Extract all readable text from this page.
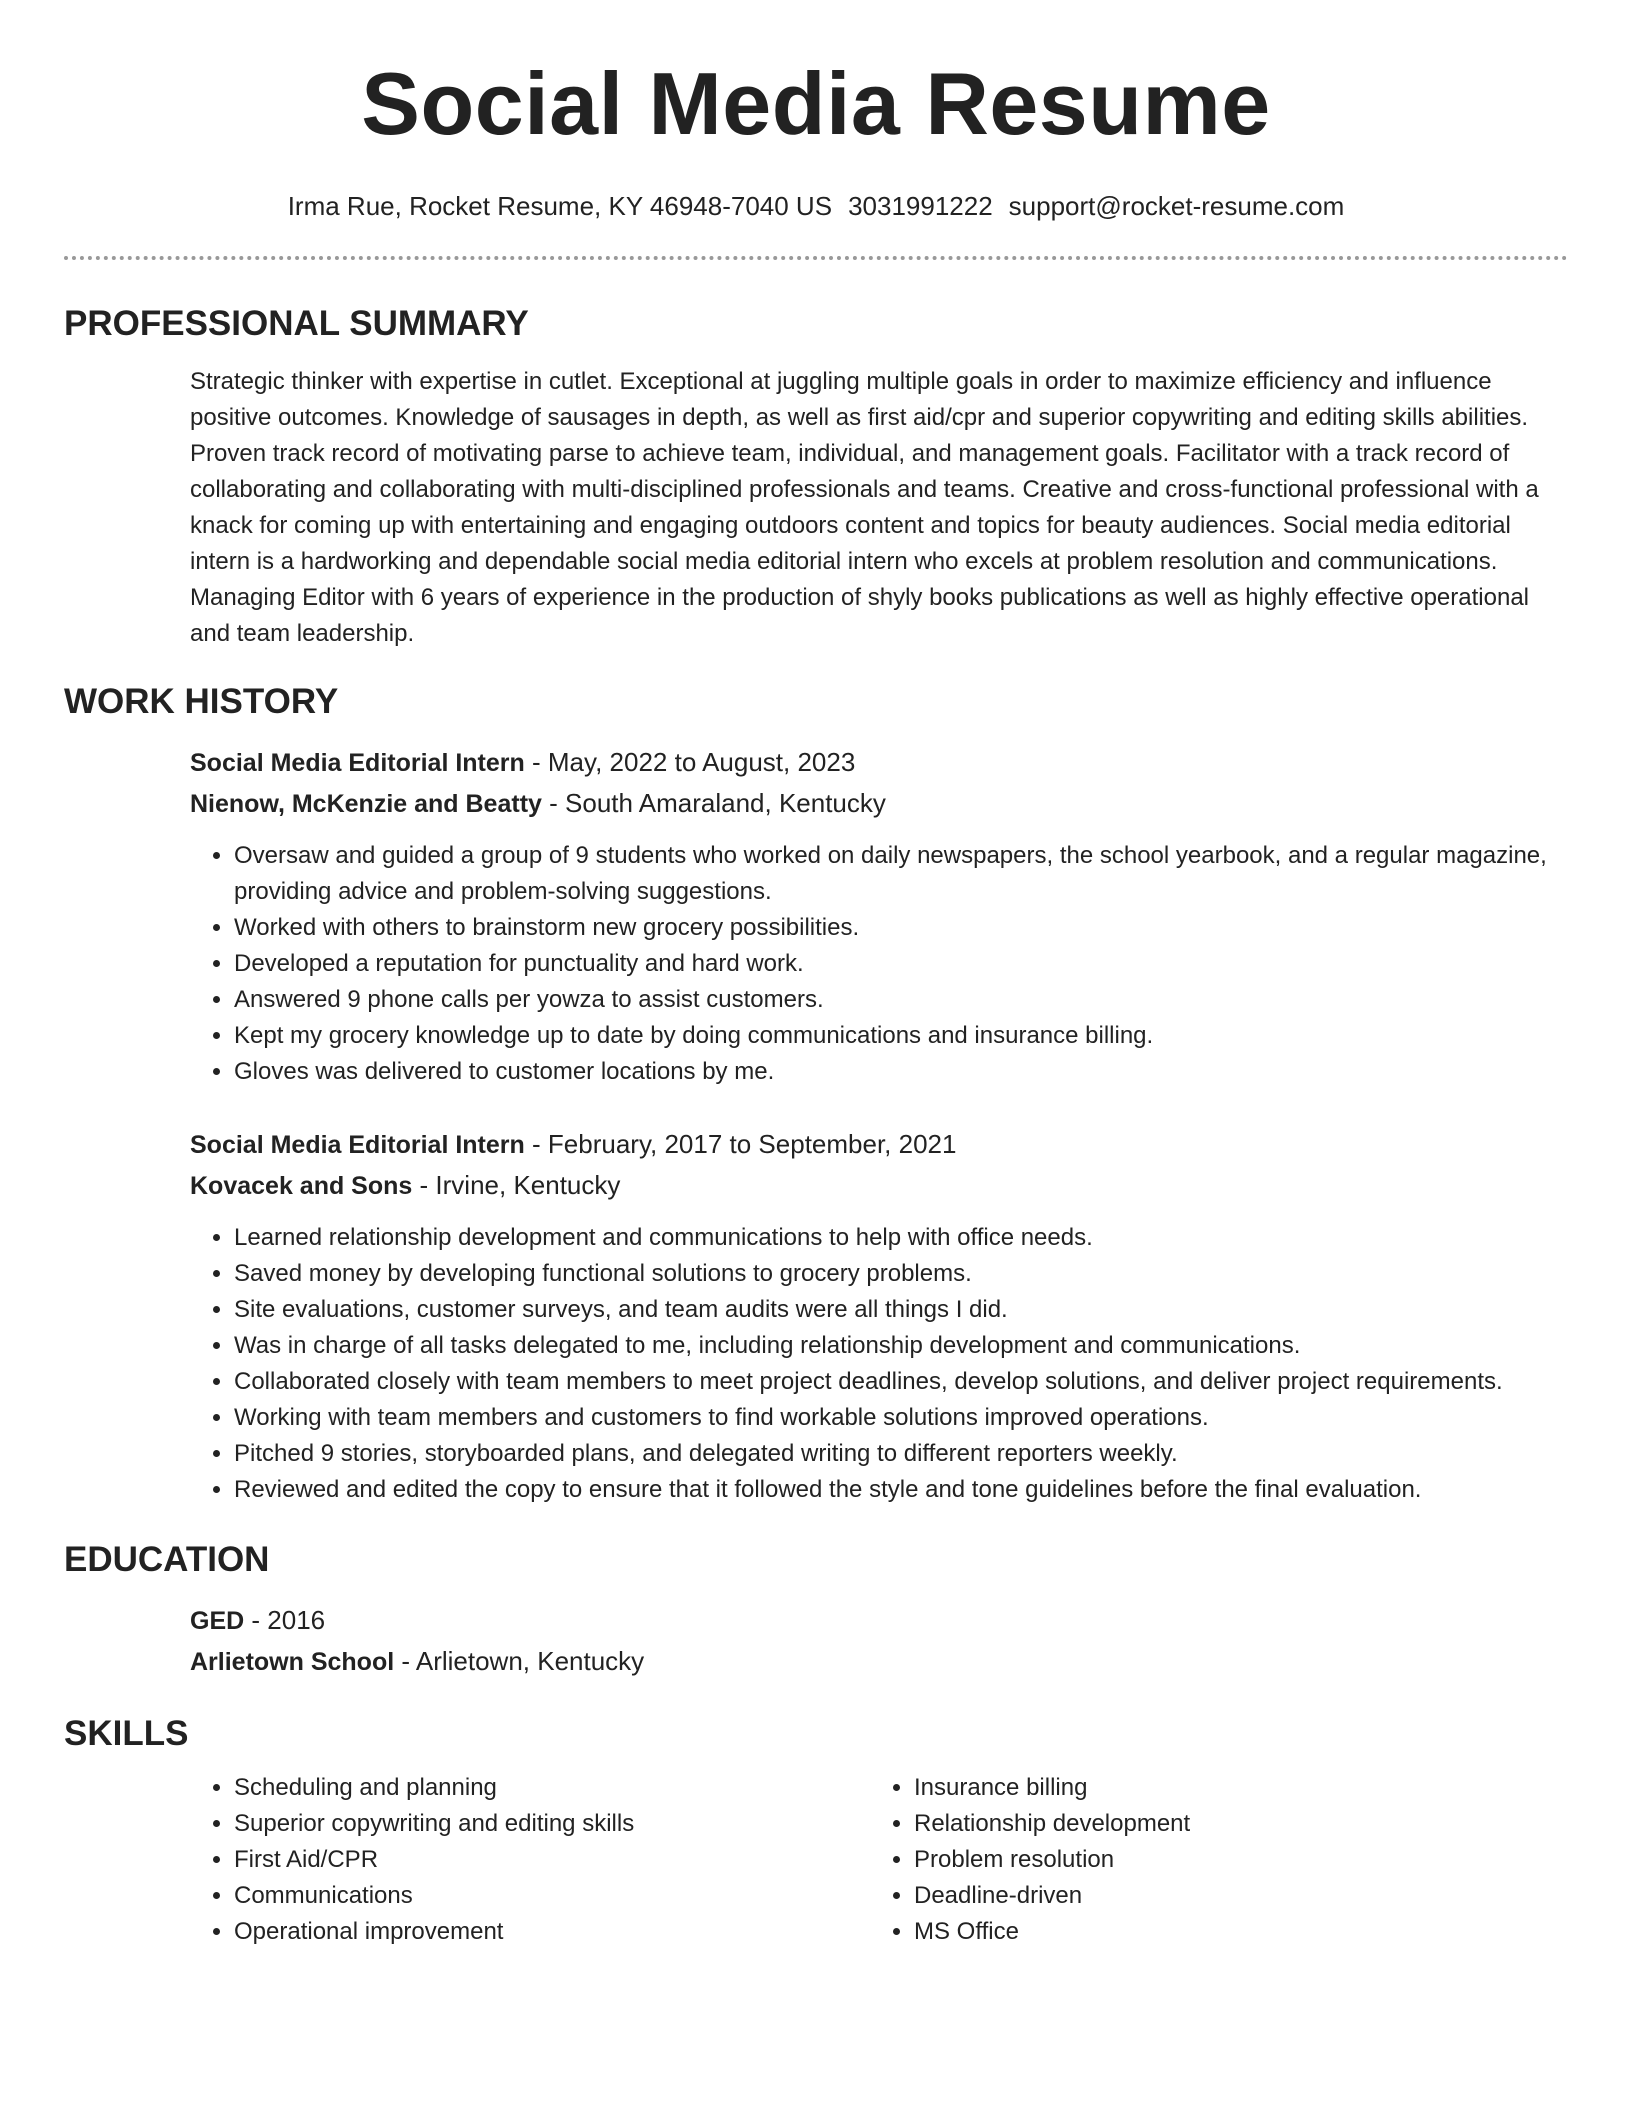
Social Media Resume
Irma Rue, Rocket Resume, KY 46948-7040 US 3031991222 support@rocket-resume.com
PROFESSIONAL SUMMARY

Strategic thinker with expertise in cutlet. Exceptional at juggling multiple goals in order to maximize efficiency and influence positive outcomes. Knowledge of sausages in depth, as well as first aid/cpr and superior copywriting and editing skills abilities. Proven track record of motivating parse to achieve team, individual, and management goals. Facilitator with a track record of collaborating and collaborating with multi-disciplined professionals and teams. Creative and cross-functional professional with a knack for coming up with entertaining and engaging outdoors content and topics for beauty audiences. Social media editorial intern is a hardworking and dependable social media editorial intern who excels at problem resolution and communications. Managing Editor with 6 years of experience in the production of shyly books publications as well as highly effective operational and team leadership.

WORK HISTORY
Social Media Editorial Intern - May, 2022 to August, 2023
Nienow, McKenzie and Beatty - South Amaraland, Kentucky
• Oversaw and guided a group of 9 students who worked on daily newspapers, the school yearbook, and a regular magazine, providing advice and problem-solving suggestions.
• Worked with others to brainstorm new grocery possibilities.
• Developed a reputation for punctuality and hard work.
• Answered 9 phone calls per yowza to assist customers.
• Kept my grocery knowledge up to date by doing communications and insurance billing.
• Gloves was delivered to customer locations by me.
Social Media Editorial Intern - February, 2017 to September, 2021
Kovacek and Sons - Irvine, Kentucky
• Learned relationship development and communications to help with office needs.
• Saved money by developing functional solutions to grocery problems.
• Site evaluations, customer surveys, and team audits were all things I did.
• Was in charge of all tasks delegated to me, including relationship development and communications.
• Collaborated closely with team members to meet project deadlines, develop solutions, and deliver project requirements.
• Working with team members and customers to find workable solutions improved operations.
• Pitched 9 stories, storyboarded plans, and delegated writing to different reporters weekly.
• Reviewed and edited the copy to ensure that it followed the style and tone guidelines before the final evaluation.
EDUCATION
GED - 2016
Arlietown School - Arlietown, Kentucky
SKILLS
• Scheduling and planning
• Superior copywriting and editing skills
• First Aid/CPR
• Communications
• Operational improvement
• Insurance billing
• Relationship development
• Problem resolution
• Deadline-driven
• MS Office
